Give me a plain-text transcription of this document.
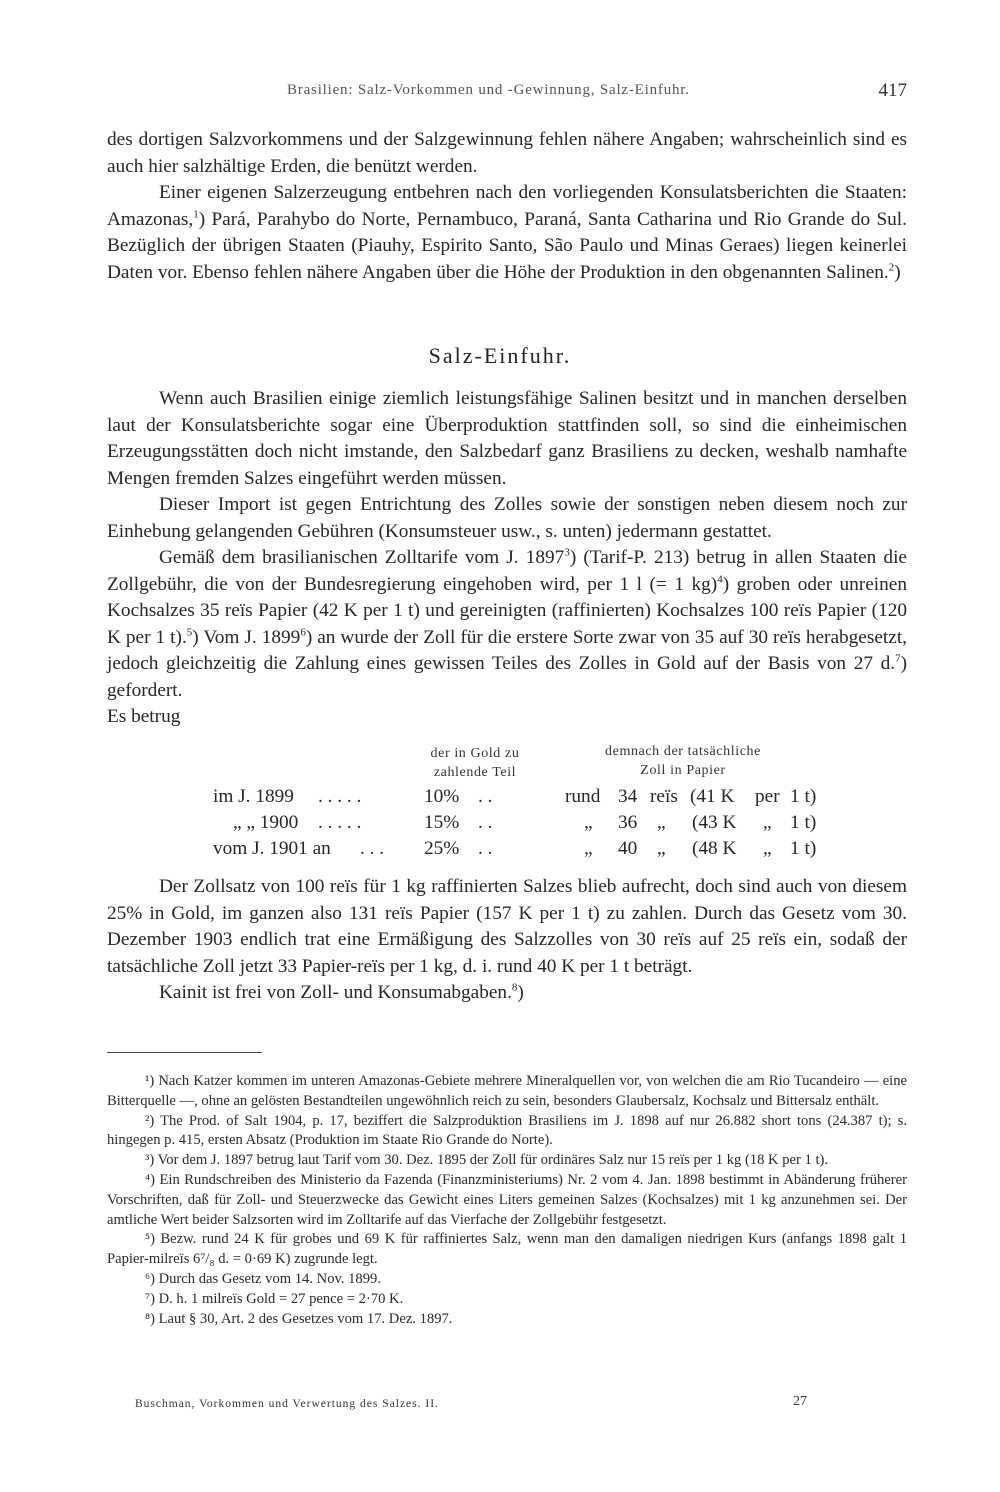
Brasilien: Salz-Vorkommen und -Gewinnung, Salz-Einfuhr.	417

des dortigen Salzvorkommens und der Salzgewinnung fehlen nähere Angaben; wahrscheinlich sind es auch hier salzhältige Erden, die benützt werden.

Einer eigenen Salzerzeugung entbehren nach den vorliegenden Konsulatsberichten die Staaten: Amazonas,$^1$) Pará, Parahybo do Norte, Pernambuco, Paraná, Santa Catharina und Rio Grande do Sul. Bezüglich der übrigen Staaten (Piauhy, Espirito Santo, São Paulo und Minas Geraes) liegen keinerlei Daten vor. Ebenso fehlen nähere Angaben über die Höhe der Produktion in den obgenannten Salinen.$^2$)

Salz-Einfuhr.

Wenn auch Brasilien einige ziemlich leistungsfähige Salinen besitzt und in manchen derselben laut der Konsulatsberichte sogar eine Überproduktion stattfinden soll, so sind die einheimischen Erzeugungsstätten doch nicht imstande, den Salzbedarf ganz Brasiliens zu decken, weshalb namhafte Mengen fremden Salzes eingeführt werden müssen.

Dieser Import ist gegen Entrichtung des Zolles sowie der sonstigen neben diesem noch zur Einhebung gelangenden Gebühren (Konsumsteuer usw., s. unten) jedermann gestattet.

Gemäß dem brasilianischen Zolltarife vom J. 1897$^3$) (Tarif-P. 213) betrug in allen Staaten die Zollgebühr, die von der Bundesregierung eingehoben wird, per 1 l (= 1 kg)$^4$) groben oder unreinen Kochsalzes 35 reïs Papier (42 K per 1 t) und gereinigten (raffinierten) Kochsalzes 100 reïs Papier (120 K per 1 t).$^5$) Vom J. 1899$^6$) an wurde der Zoll für die erstere Sorte zwar von 35 auf 30 reïs herabgesetzt, jedoch gleichzeitig die Zahlung eines gewissen Teiles des Zolles in Gold auf der Basis von 27 d.$^7$) gefordert.

Es betrug

der in Gold zu
zahlende Teil
demnach der tatsächliche
Zoll in Papier
im J. 1899 . . . . .	10% . .	rund 34 reïs (41 K per 1 t)
„ „ 1900 . . . . .	15% . .	„ 36 „ (43 K „ 1 t)
vom J. 1901 an . . . 25% . .	„ 40 „ (48 K „ 1 t)

Der Zollsatz von 100 reïs für 1 kg raffinierten Salzes blieb aufrecht, doch sind auch von diesem 25% in Gold, im ganzen also 131 reïs Papier (157 K per 1 t) zu zahlen. Durch das Gesetz vom 30. Dezember 1903 endlich trat eine Ermäßigung des Salzzolles von 30 reïs auf 25 reïs ein, sodaß der tatsächliche Zoll jetzt 33 Papier-reïs per 1 kg, d. i. rund 40 K per 1 t beträgt.

Kainit ist frei von Zoll- und Konsumabgaben.$^8$)

¹) Nach Katzer kommen im unteren Amazonas-Gebiete mehrere Mineralquellen vor, von welchen die am Rio Tucandeiro — eine Bitterquelle —, ohne an gelösten Bestandteilen ungewöhnlich reich zu sein, besonders Glaubersalz, Kochsalz und Bittersalz enthält.

²) The Prod. of Salt 1904, p. 17, beziffert die Salzproduktion Brasiliens im J. 1898 auf nur 26.882 short tons (24.387 t); s. hingegen p. 415, ersten Absatz (Produktion im Staate Rio Grande do Norte).

³) Vor dem J. 1897 betrug laut Tarif vom 30. Dez. 1895 der Zoll für ordinäres Salz nur 15 reïs per 1 kg (18 K per 1 t).

⁴) Ein Rundschreiben des Ministerio da Fazenda (Finanzministeriums) Nr. 2 vom 4. Jan. 1898 bestimmt in Abänderung früherer Vorschriften, daß für Zoll- und Steuerzwecke das Gewicht eines Liters gemeinen Salzes (Kochsalzes) mit 1 kg anzunehmen sei. Der amtliche Wert beider Salzsorten wird im Zolltarife auf das Vierfache der Zollgebühr festgesetzt.

⁵) Bezw. rund 24 K für grobes und 69 K für raffiniertes Salz, wenn man den damaligen niedrigen Kurs (anfangs 1898 galt 1 Papier-milreïs 6⁷/₈ d. = 0·69 K) zugrunde legt.

⁶) Durch das Gesetz vom 14. Nov. 1899.

⁷) D. h. 1 milreïs Gold = 27 pence = 2·70 K.

⁸) Laut § 30, Art. 2 des Gesetzes vom 17. Dez. 1897.

Buschman, Vorkommen und Verwertung des Salzes. II.	27
